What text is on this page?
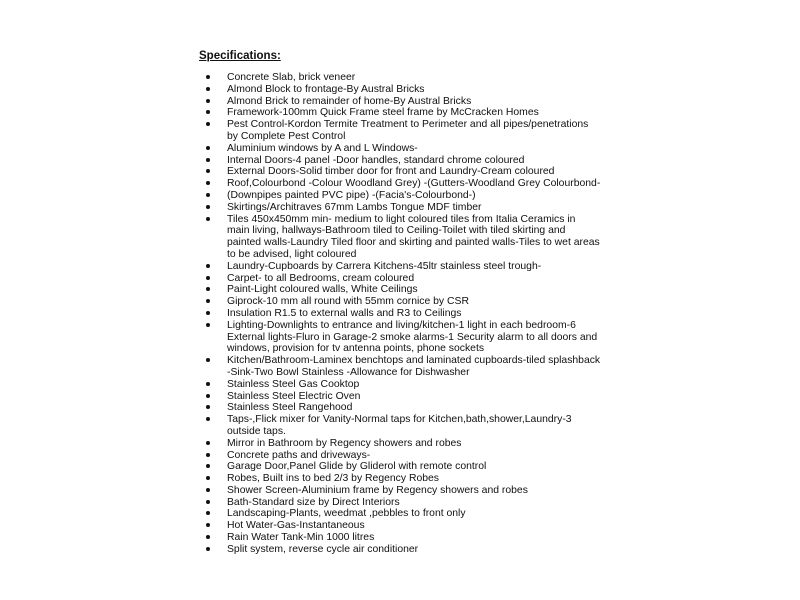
Specifications:
Concrete Slab, brick veneer
Almond Block to frontage-By Austral Bricks
Almond Brick to remainder of home-By Austral Bricks
Framework-100mm Quick Frame steel frame by McCracken Homes
Pest Control-Kordon Termite Treatment to Perimeter and all pipes/penetrations
by Complete Pest Control
Aluminium windows by A and L Windows-
Internal Doors-4 panel -Door handles, standard chrome coloured
External Doors-Solid timber door for front and Laundry-Cream coloured
Roof,Colourbond -Colour Woodland Grey) -(Gutters-Woodland Grey Colourbond-
(Downpipes painted PVC pipe) -(Facia's-Colourbond-)
Skirtings/Architraves 67mm Lambs Tongue MDF timber
Tiles 450x450mm min- medium to light coloured tiles from Italia Ceramics in
main living, hallways-Bathroom tiled to Ceiling-Toilet with tiled skirting and
painted walls-Laundry Tiled floor and skirting and painted walls-Tiles to wet areas
to be advised, light coloured
Laundry-Cupboards by Carrera Kitchens-45ltr stainless steel trough-
Carpet- to all Bedrooms, cream coloured
Paint-Light coloured walls, White Ceilings
Giprock-10 mm all round with 55mm cornice by CSR
Insulation R1.5 to external walls and R3 to Ceilings
Lighting-Downlights to entrance and living/kitchen-1 light in each bedroom-6
External lights-Fluro in Garage-2 smoke alarms-1 Security alarm to all doors and
windows, provision for tv antenna points, phone sockets
Kitchen/Bathroom-Laminex benchtops and laminated cupboards-tiled splashback
-Sink-Two Bowl Stainless -Allowance for Dishwasher
Stainless Steel Gas Cooktop
Stainless Steel Electric Oven
Stainless Steel Rangehood
Taps-,Flick mixer for Vanity-Normal taps for Kitchen,bath,shower,Laundry-3
outside taps.
Mirror in Bathroom by Regency showers and robes
Concrete paths and driveways-
Garage Door,Panel Glide by Gliderol with remote control
Robes, Built ins to bed 2/3 by Regency Robes
Shower Screen-Aluminium frame by Regency showers and robes
Bath-Standard size by Direct Interiors
Landscaping-Plants, weedmat ,pebbles to front only
Hot Water-Gas-Instantaneous
Rain Water Tank-Min 1000 litres
Split system, reverse cycle air conditioner
